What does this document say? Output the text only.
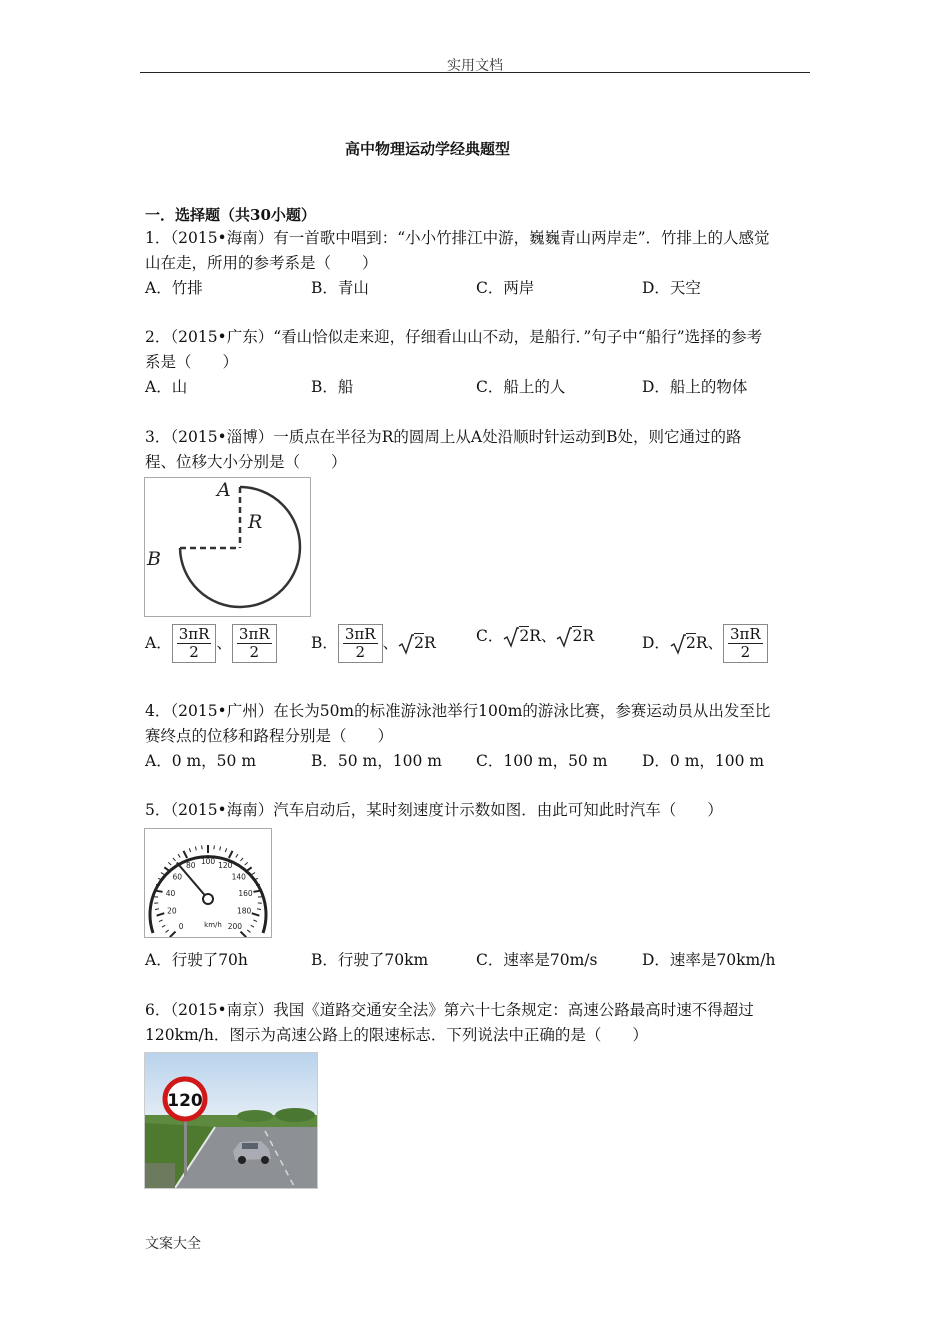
实用文档
高中物理运动学经典题型
一．选择题（共30小题）
1．（2015•海南）有一首歌中唱到：“小小竹排江中游，巍巍青山两岸走”．竹排上的人感觉
山在走，所用的参考系是（　　）
A．竹排	B．青山	C．两岸	D．天空
2．（2015•广东）“看山恰似走来迎，仔细看山山不动，是船行．”句子中“船行”选择的参考
系是（　　）
A．山	B．船	C．船上的人	D．船上的物体
3．（2015•淄博）一质点在半径为R的圆周上从A处沿顺时针运动到B处，则它通过的路
程、位移大小分别是（　　）
A
R
B
A． $\frac{3\pi R}{2}$ 、 $\frac{3\pi R}{2}$ B． $\frac{3\pi R}{2}$ 、	2R	C．	2R 、	2R	D．	2R 、 $\frac{3\pi R}{2}$
4．（2015•广州）在长为50m的标准游泳池举行100m的游泳比赛，参赛运动员从出发至比
赛终点的位移和路程分别是（　　）
A．0 m，50 m	B．50 m，100 m C．100 m，50 m D．0 m，100 m
5．（2015•海南）汽车启动后，某时刻速度计示数如图．由此可知此时汽车（　　）
0
20
40
60
80 100 120
140
160
180
200
km/h
A．行驶了70h	B．行驶了70km	C．速率是70m/s	D．速率是70km/h
6．（2015•南京）我国《道路交通安全法》第六十七条规定：高速公路最高时速不得超过
120km/h．图示为高速公路上的限速标志．下列说法中正确的是（　　）
120
文案大全
